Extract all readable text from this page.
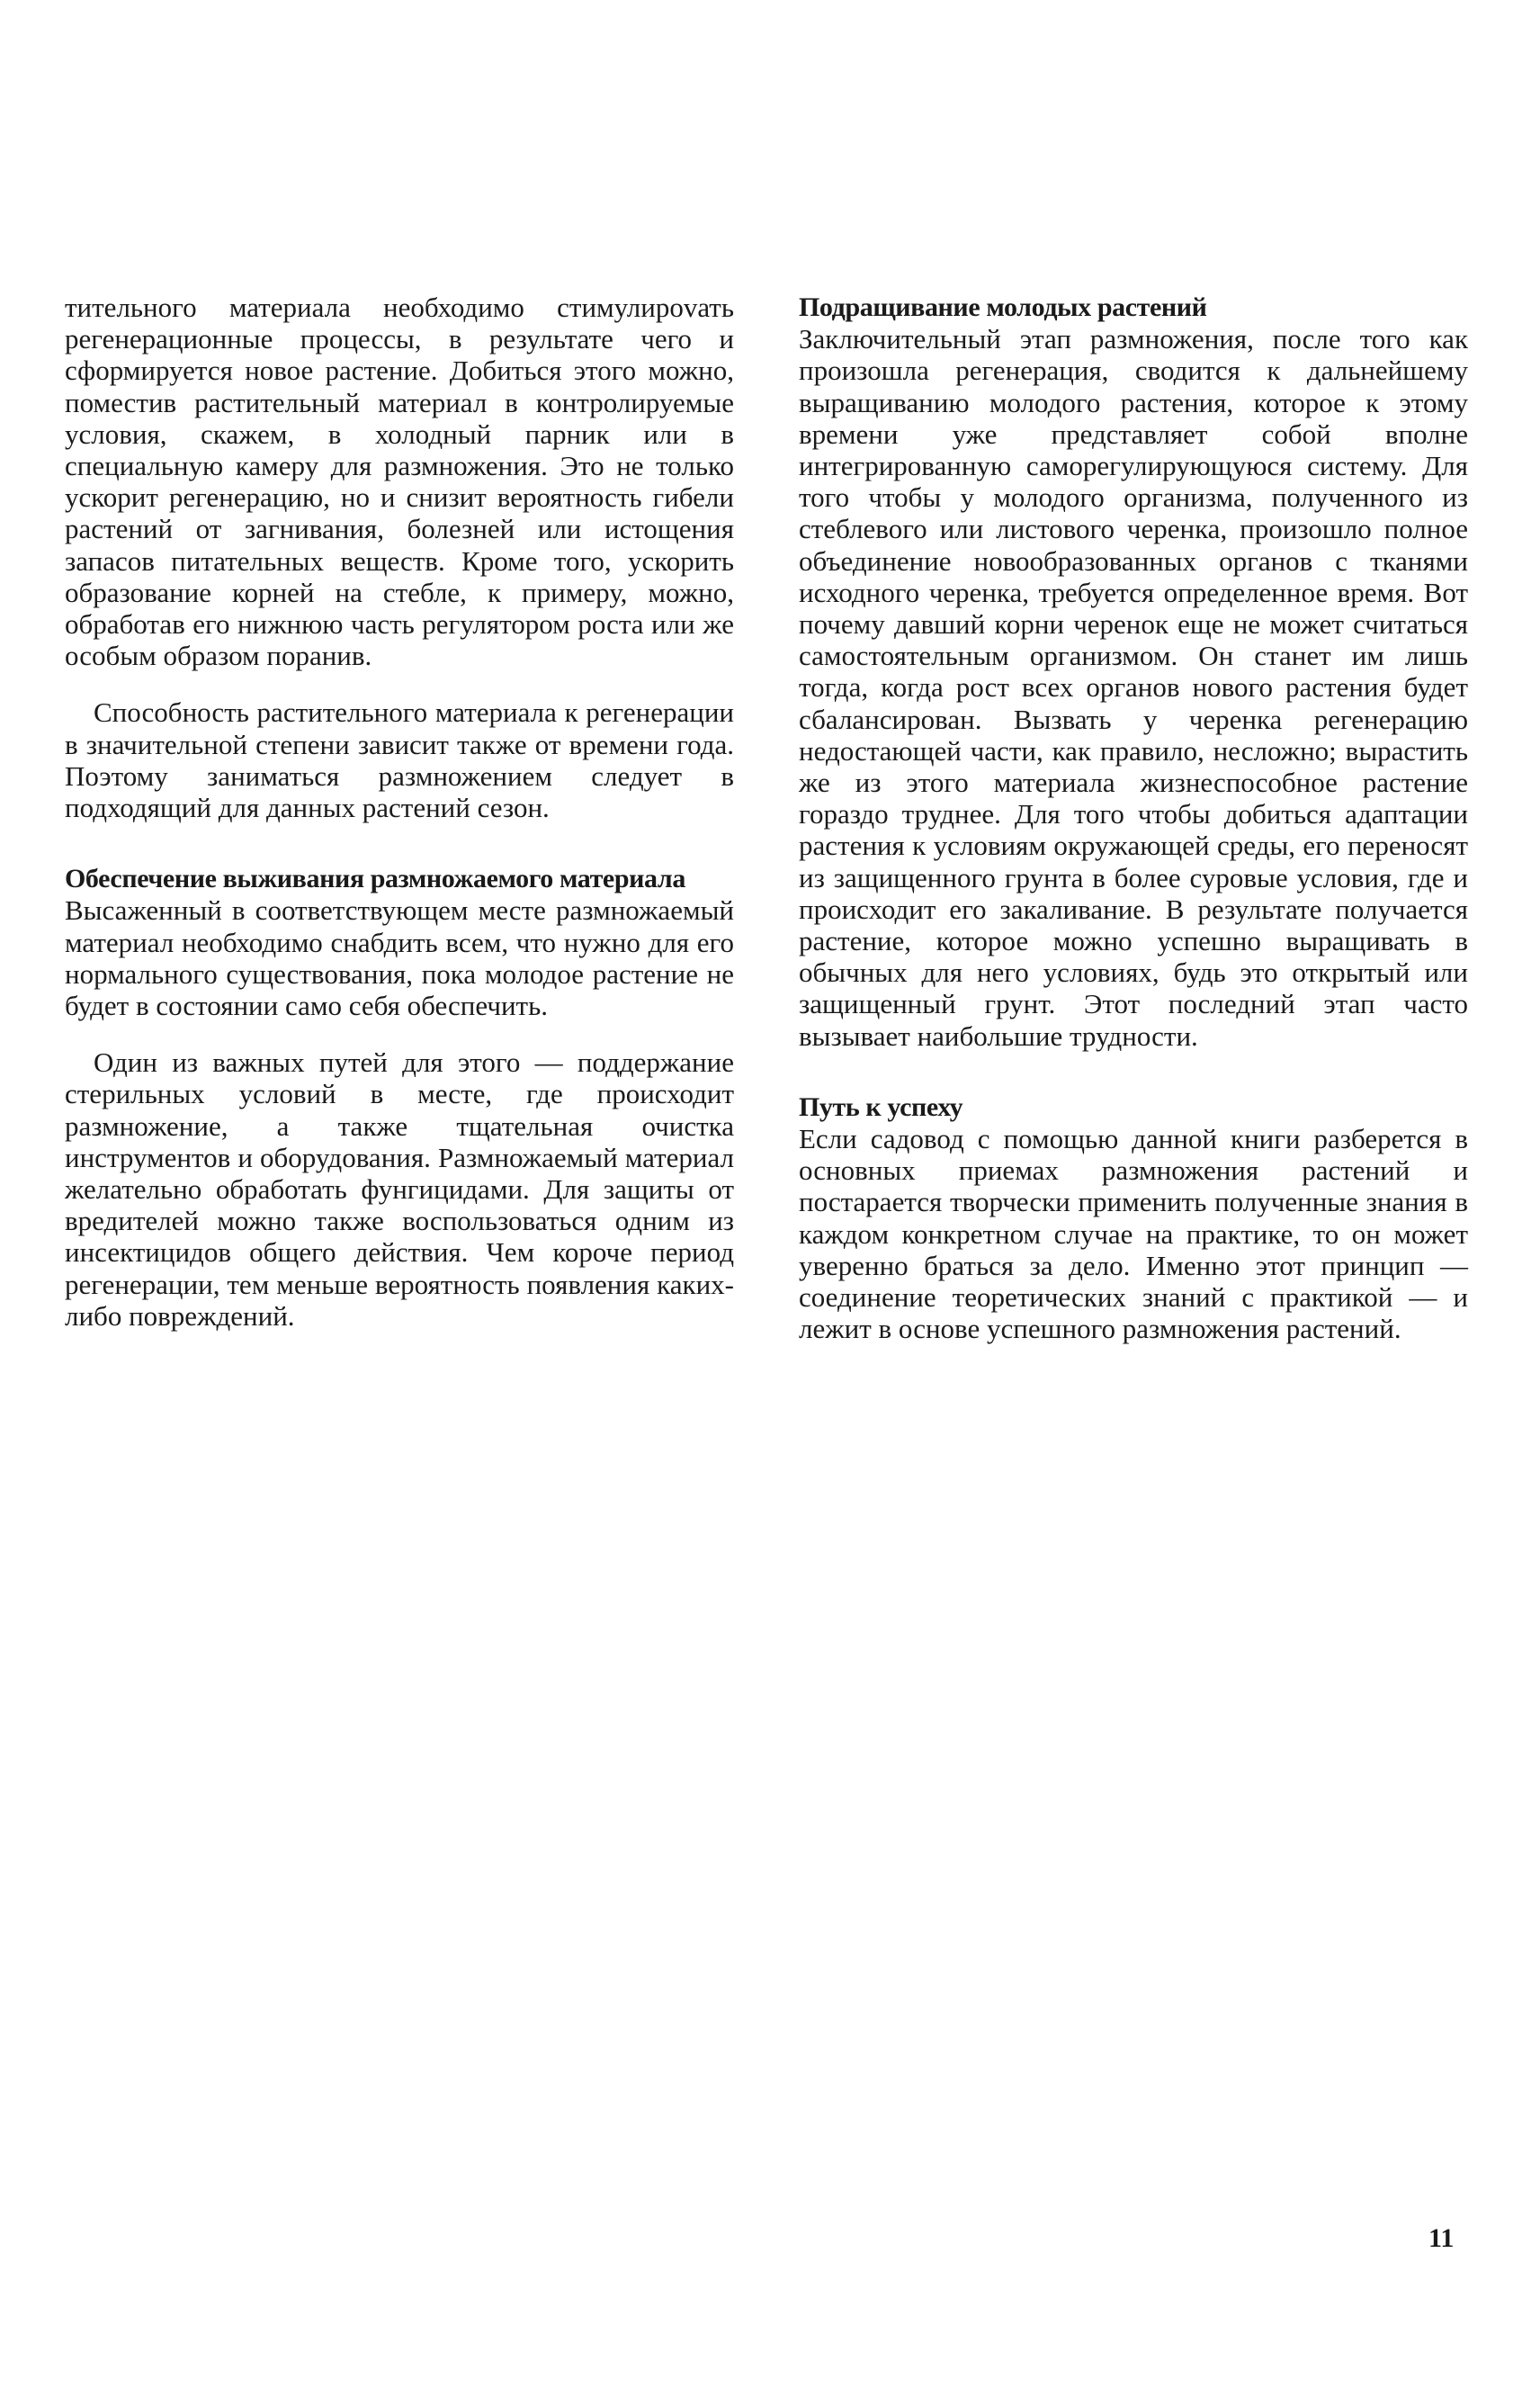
тительного материала необходимо стимулироvать регенерационные процессы, в результате чего и сформируется новое растение. Добиться этого можно, поместив растительный материал в контролируемые условия, скажем, в холодный парник или в специальную камеру для размножения. Это не только ускорит регенерацию, но и снизит вероятность гибели растений от загнивания, болезней или истощения запасов питательных веществ. Кроме того, ускорить образование корней на стебле, к примеру, можно, обработав его нижнюю часть регулятором роста или же особым образом поранив.

Способность растительного материала к регенерации в значительной степени зависит также от времени года. Поэтому заниматься размножением следует в подходящий для данных растений сезон.

Обеспечение выживания размножаемого материала

Высаженный в соответствующем месте размножаемый материал необходимо снабдить всем, что нужно для его нормального существования, пока молодое растение не будет в состоянии само себя обеспечить.

Один из важных путей для этого — поддержание стерильных условий в месте, где происходит размножение, а также тщательная очистка инструментов и оборудования. Размножаемый материал желательно обработать фунгицидами. Для защиты от вредителей можно также воспользоваться одним из инсектицидов общего действия. Чем короче период регенерации, тем меньше вероятность появления каких-либо повреждений.

Подращивание молодых растений

Заключительный этап размножения, после того как произошла регенерация, сводится к дальнейшему выращиванию молодого растения, которое к этому времени уже представляет собой вполне интегрированную саморегулирующуюся систему. Для того чтобы у молодого организма, полученного из стеблевого или листового черенка, произошло полное объединение новообразованных органов с тканями исходного черенка, требуется определенное время. Вот почему давший корни черенок еще не может считаться самостоятельным организмом. Он станет им лишь тогда, когда рост всех органов нового растения будет сбалансирован. Вызвать у черенка регенерацию недостающей части, как правило, несложно; вырастить же из этого материала жизнеспособное растение гораздо труднее. Для того чтобы добиться адаптации растения к условиям окружающей среды, его переносят из защищенного грунта в более суровые условия, где и происходит его закаливание. В результате получается растение, которое можно успешно выращивать в обычных для него условиях, будь это открытый или защищенный грунт. Этот последний этап часто вызывает наибольшие трудности.

Путь к успеху

Если садовод с помощью данной книги разберется в основных приемах размножения растений и постарается творчески применить полученные знания в каждом конкретном случае на практике, то он может уверенно браться за дело. Именно этот принцип — соединение теоретических знаний с практикой — и лежит в основе успешного размножения растений.

11
